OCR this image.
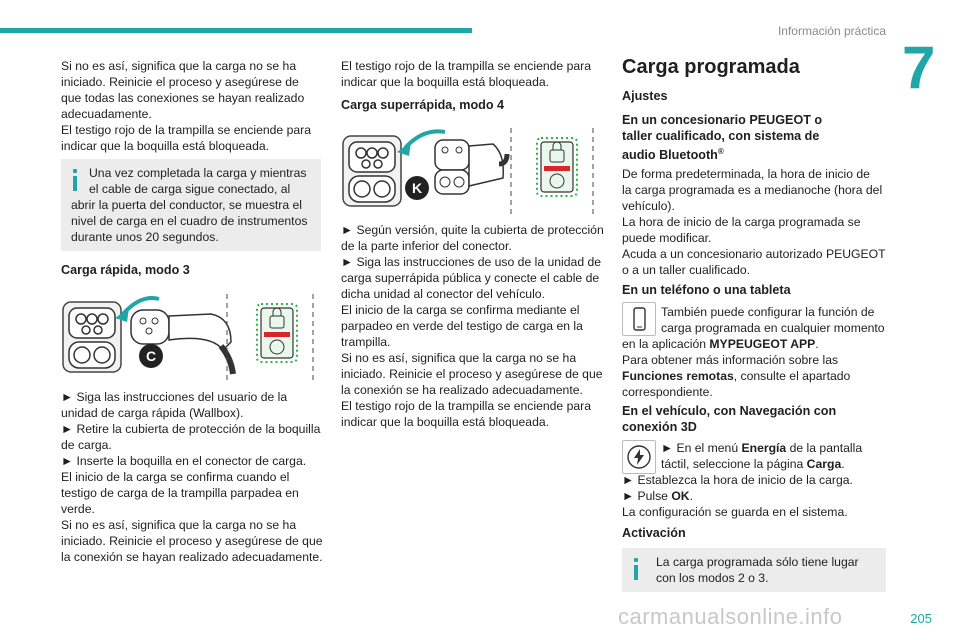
Información práctica
7

Si no es así, significa que la carga no se ha

iniciado. Reinicie el proceso y asegúrese de

que todas las conexiones se hayan realizado

adecuadamente.

El testigo rojo de la trampilla se enciende para

indicar que la boquilla está bloqueada.

Una vez completada la carga y mientras

el cable de carga sigue conectado, al

abrir la puerta del conductor, se muestra el

nivel de carga en el cuadro de instrumentos

durante unos 20 segundos.

Carga rápida, modo 3
C

► Siga las instrucciones del usuario de la

unidad de carga rápida (Wallbox).

► Retire la cubierta de protección de la boquilla

de carga.

► Inserte la boquilla en el conector de carga.

El inicio de la carga se confirma cuando el

testigo de carga de la trampilla parpadea en

verde.

Si no es así, significa que la carga no se ha

iniciado. Reinicie el proceso y asegúrese de que

la conexión se hayan realizado adecuadamente.

El testigo rojo de la trampilla se enciende para

indicar que la boquilla está bloqueada.

Carga superrápida, modo 4
K

► Según versión, quite la cubierta de protección

de la parte inferior del conector.

► Siga las instrucciones de uso de la unidad de

carga superrápida pública y conecte el cable de

dicha unidad al conector del vehículo.

El inicio de la carga se confirma mediante el

parpadeo en verde del testigo de carga en la

trampilla.

Si no es así, significa que la carga no se ha

iniciado. Reinicie el proceso y asegúrese de que

la conexión se ha realizado adecuadamente.

El testigo rojo de la trampilla se enciende para

indicar que la boquilla está bloqueada.

Carga programada
Ajustes
En un concesionario PEUGEOT o
taller cualificado, con sistema de
audio Bluetooth®

De forma predeterminada, la hora de inicio de

la carga programada es a medianoche (hora del

vehículo).

La hora de inicio de la carga programada se

puede modificar.

Acuda a un concesionario autorizado PEUGEOT

o a un taller cualificado.

En un teléfono o una tableta

También puede configurar la función de

carga programada en cualquier momento

en la aplicación MYPEUGEOT APP.

Para obtener más información sobre las

Funciones remotas, consulte el apartado

correspondiente.

En el vehículo, con Navegación con
conexión 3D

► En el menú Energía de la pantalla

táctil, seleccione la página Carga.

► Establezca la hora de inicio de la carga.

► Pulse OK.

La configuración se guarda en el sistema.

Activación

La carga programada sólo tiene lugar

con los modos 2 o 3.

carmanualsonline.info	205
